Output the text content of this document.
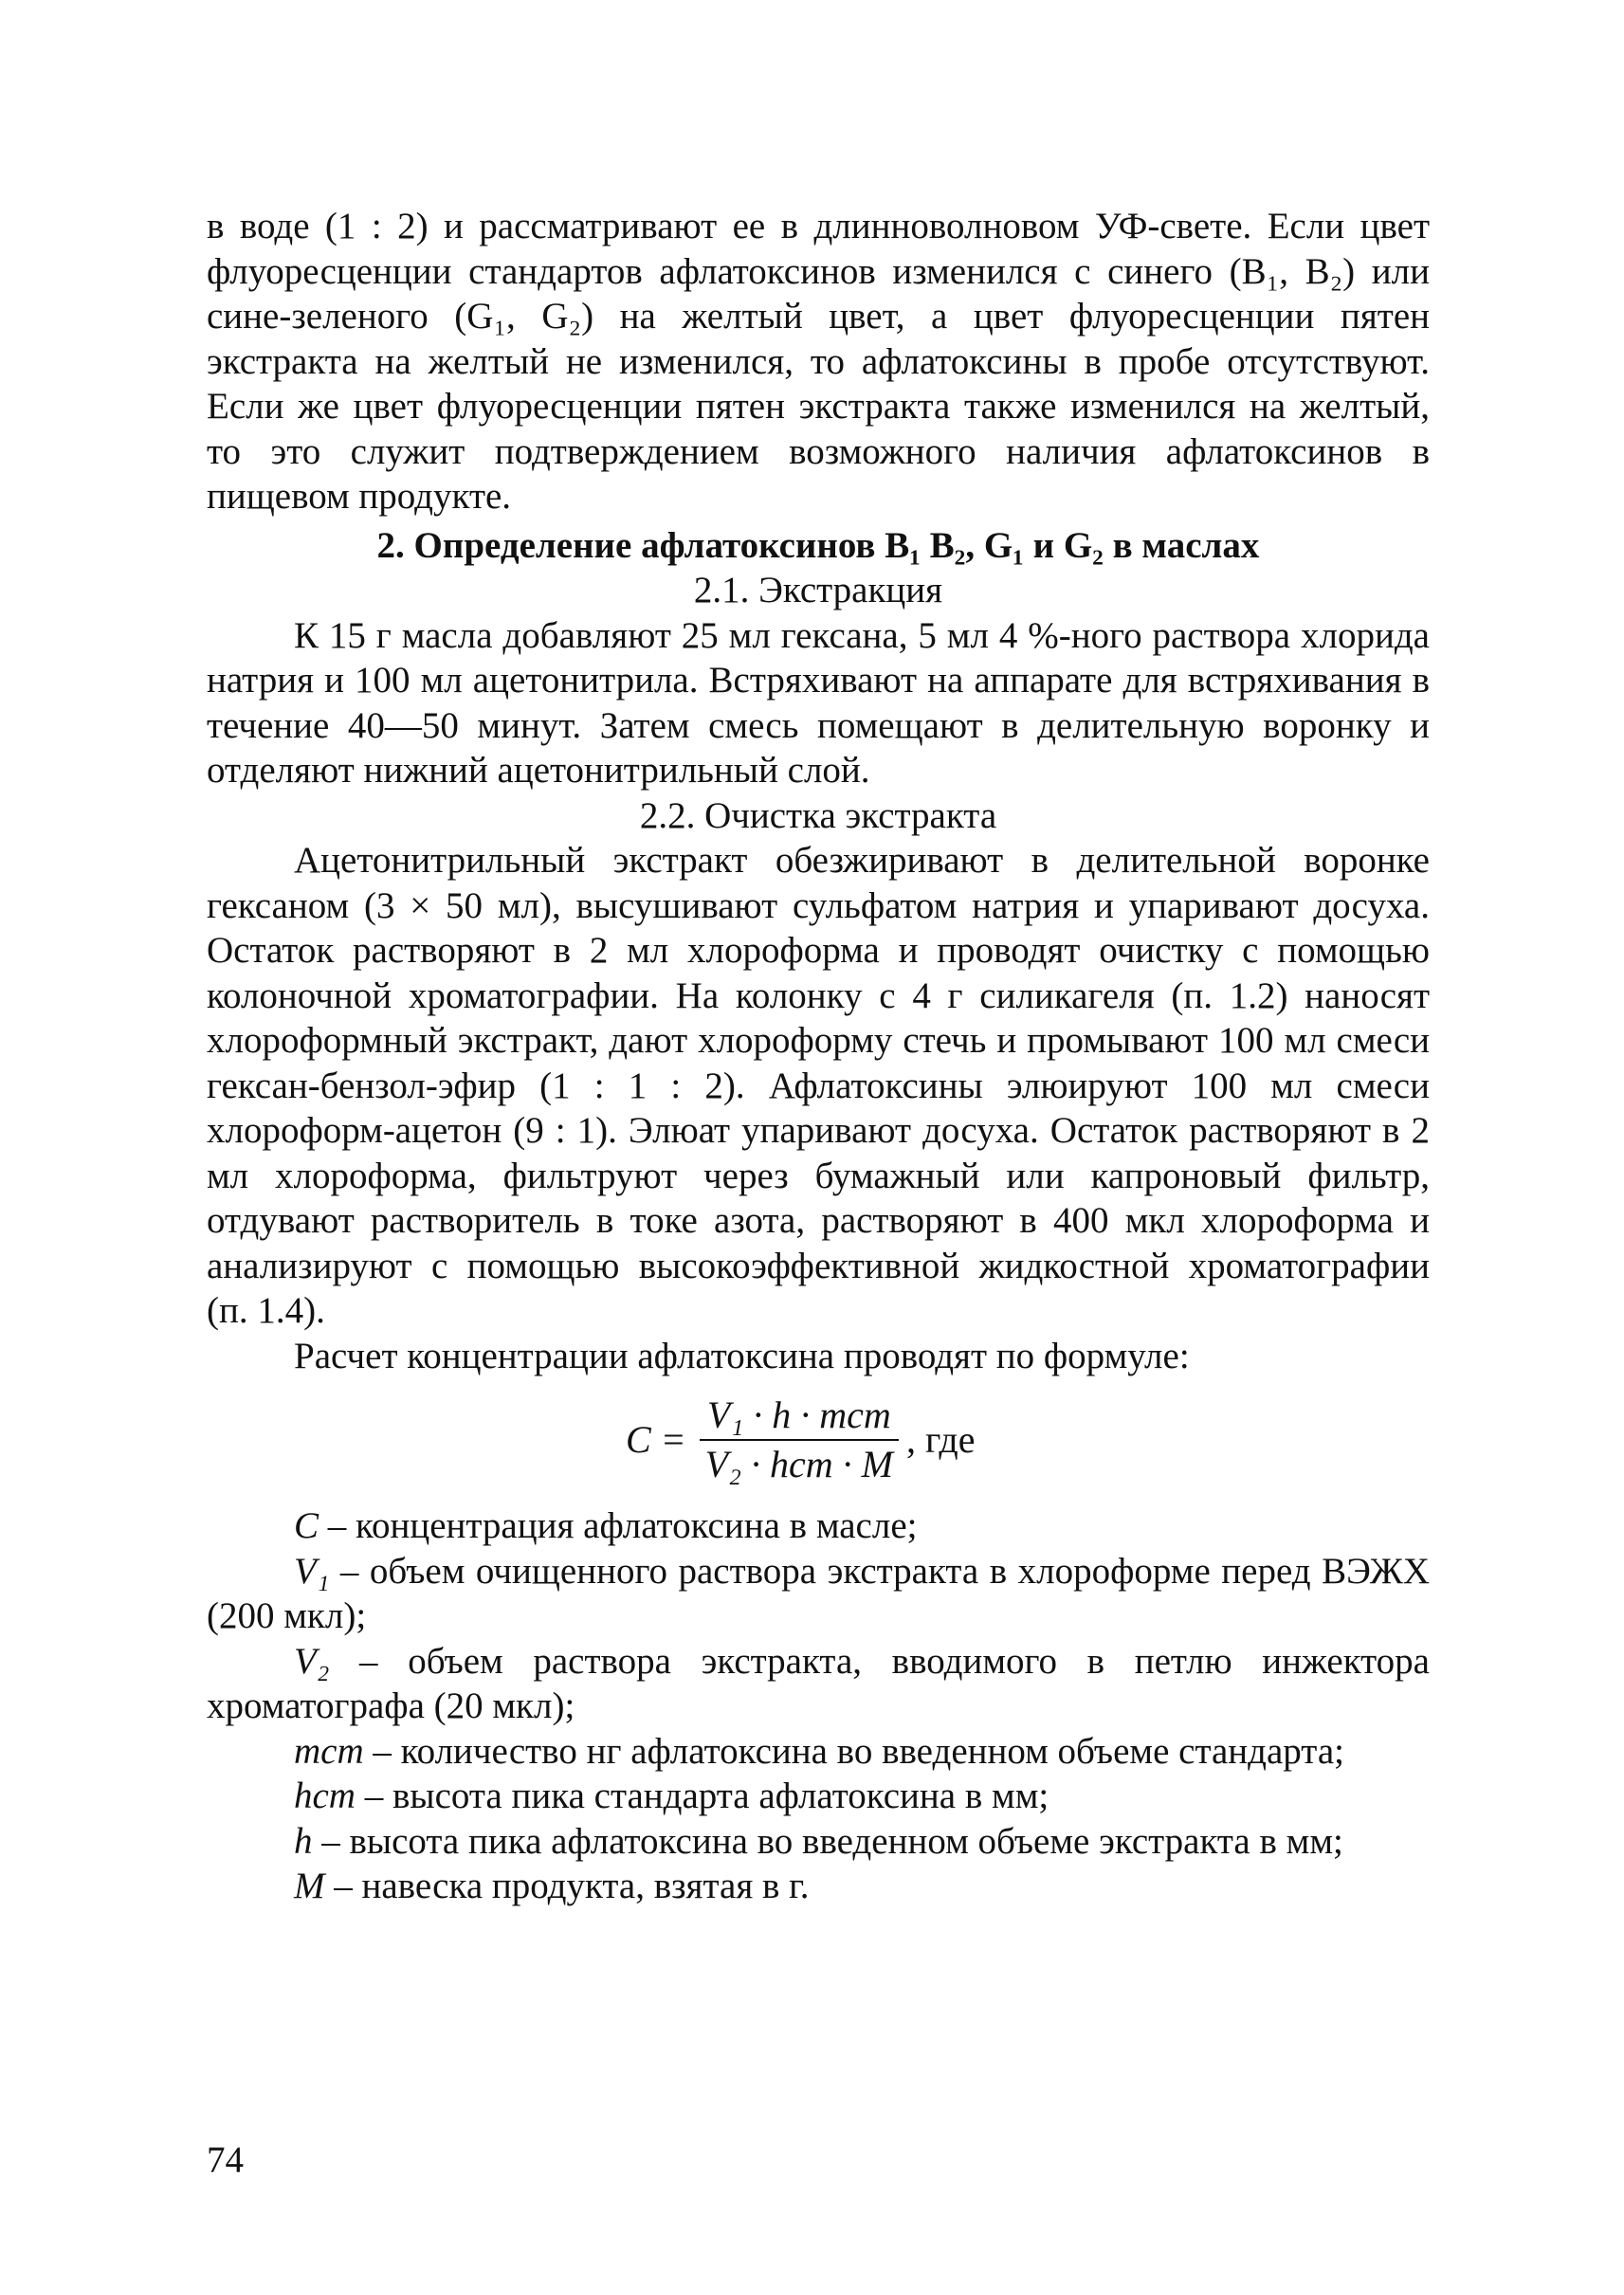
в воде (1 : 2) и рассматривают ее в длинноволновом УФ-свете. Если цвет флуоресценции стандартов афлатоксинов изменился с синего (B₁, B₂) или сине-зеленого (G₁, G₂) на желтый цвет, а цвет флуоресценции пятен экстракта на желтый не изменился, то афлатоксины в пробе отсутствуют. Если же цвет флуоресценции пятен экстракта также изменился на желтый, то это служит подтверждением возможного наличия афлатоксинов в пищевом продукте.

2. Определение афлатоксинов B₁ B₂, G₁ и G₂ в маслах

2.1. Экстракция

К 15 г масла добавляют 25 мл гексана, 5 мл 4 %-ного раствора хлорида натрия и 100 мл ацетонитрила. Встряхивают на аппарате для встряхивания в течение 40—50 минут. Затем смесь помещают в делительную воронку и отделяют нижний ацетонитрильный слой.

2.2. Очистка экстракта

Ацетонитрильный экстракт обезжиривают в делительной воронке гексаном (3 × 50 мл), высушивают сульфатом натрия и упаривают досуха. Остаток растворяют в 2 мл хлороформа и проводят очистку с помощью колоночной хроматографии. На колонку с 4 г силикагеля (п. 1.2) наносят хлороформный экстракт, дают хлороформу стечь и промывают 100 мл смеси гексан-бензол-эфир (1 : 1 : 2). Афлатоксины элюируют 100 мл смеси хлороформ-ацетон (9 : 1). Элюат упаривают досуха. Остаток растворяют в 2 мл хлороформа, фильтруют через бумажный или капроновый фильтр, отдувают растворитель в токе азота, растворяют в 400 мкл хлороформа и анализируют с помощью высокоэффективной жидкостной хроматографии (п. 1.4).

Расчет концентрации афлатоксина проводят по формуле:

$C = \frac{\text{V₁ · h · mст}}{\text{V₂ · hст · M}}$ , где

C – концентрация афлатоксина в масле;

V₁ – объем очищенного раствора экстракта в хлороформе перед ВЭЖХ (200 мкл);

V₂ – объем раствора экстракта, вводимого в петлю инжектора хроматографа (20 мкл);

mст – количество нг афлатоксина во введенном объеме стандарта;

hст – высота пика стандарта афлатоксина в мм;

h – высота пика афлатоксина во введенном объеме экстракта в мм;

M – навеска продукта, взятая в г.

74
